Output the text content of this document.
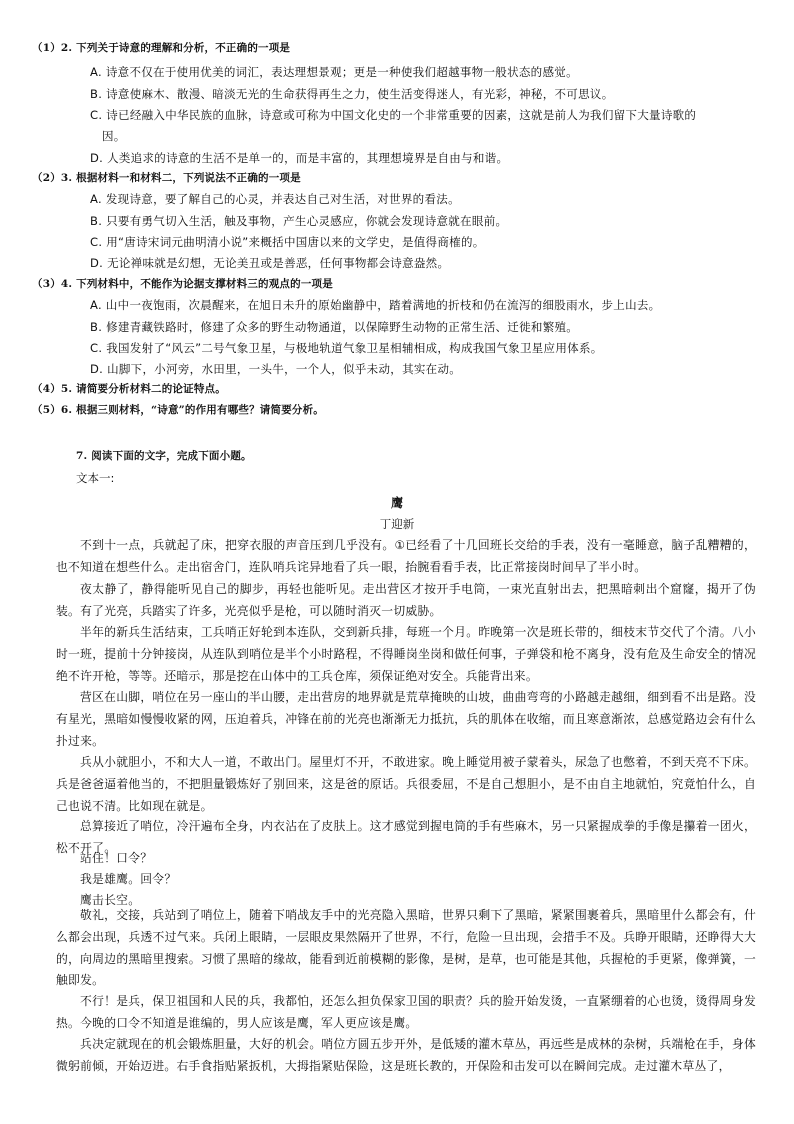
（1）2. 下列关于诗意的理解和分析，不正确的一项是
A. 诗意不仅在于使用优美的词汇，表达理想景观；更是一种使我们超越事物一般状态的感觉。
B. 诗意使麻木、散漫、暗淡无光的生命获得再生之力，使生活变得迷人，有光彩，神秘，不可思议。
C. 诗已经融入中华民族的血脉，诗意或可称为中国文化史的一个非常重要的因素，这就是前人为我们留下大量诗歌的
因。
D. 人类追求的诗意的生活不是单一的，而是丰富的，其理想境界是自由与和谐。
（2）3. 根据材料一和材料二，下列说法不正确的一项是
A. 发现诗意，要了解自己的心灵，并表达自己对生活，对世界的看法。
B. 只要有勇气切入生活，触及事物，产生心灵感应，你就会发现诗意就在眼前。
C. 用“唐诗宋词元曲明清小说”来概括中国唐以来的文学史，是值得商榷的。
D. 无论禅味就是幻想，无论美丑或是善恶，任何事物都会诗意盎然。
（3）4. 下列材料中，不能作为论据支撑材料三的观点的一项是
A. 山中一夜饱雨，次晨醒来，在旭日未升的原始幽静中，踏着满地的折枝和仍在流泻的细股雨水，步上山去。
B. 修建青藏铁路时，修建了众多的野生动物通道，以保障野生动物的正常生活、迁徙和繁殖。
C. 我国发射了“风云”二号气象卫星，与极地轨道气象卫星相辅相成，构成我国气象卫星应用体系。
D. 山脚下，小河旁，水田里，一头牛，一个人，似乎未动，其实在动。
（4）5. 请简要分析材料二的论证特点。
（5）6. 根据三则材料，“诗意”的作用有哪些？请简要分析。
7. 阅读下面的文字，完成下面小题。
文本一:
鹰
丁迎新
不到十一点，兵就起了床，把穿衣服的声音压到几乎没有。①已经看了十几回班长交给的手表，没有一毫睡意，脑子乱糟糟的，也不知道在想些什么。走出宿舍门，连队哨兵诧异地看了兵一眼，抬腕看看手表，比正常接岗时间早了半小时。
夜太静了，静得能听见自己的脚步，再轻也能听见。走出营区才按开手电筒，一束光直射出去，把黑暗刺出个窟窿，揭开了伪装。有了光亮，兵踏实了许多，光亮似乎是枪，可以随时消灭一切威胁。
半年的新兵生活结束，工兵哨正好轮到本连队，交到新兵排，每班一个月。昨晚第一次是班长带的，细枝末节交代了个清。八小时一班，提前十分钟接岗，从连队到哨位是半个小时路程，不得睡岗坐岗和做任何事，子弹袋和枪不离身，没有危及生命安全的情况绝不许开枪，等等。还暗示，那是挖在山体中的工兵仓库，须保证绝对安全。兵能背出来。
营区在山脚，哨位在另一座山的半山腰，走出营房的地界就是荒草掩映的山坡，曲曲弯弯的小路越走越细，细到看不出是路。没有星光，黑暗如慢慢收紧的网，压迫着兵，冲锋在前的光亮也渐渐无力抵抗，兵的肌体在收缩，而且寒意渐浓，总感觉路边会有什么扑过来。
兵从小就胆小，不和大人一道，不敢出门。屋里灯不开，不敢进家。晚上睡觉用被子蒙着头，尿急了也憋着，不到天亮不下床。兵是爸爸逼着他当的，不把胆量锻炼好了别回来，这是爸的原话。兵很委屈，不是自己想胆小，是不由自主地就怕，究竟怕什么，自己也说不清。比如现在就是。
总算接近了哨位，冷汗遍布全身，内衣沾在了皮肤上。这才感觉到握电筒的手有些麻木，另一只紧握成拳的手像是攥着一团火，松不开了。
站住！口令？
我是雄鹰。回令？
鹰击长空。
敬礼，交接，兵站到了哨位上，随着下哨战友手中的光亮隐入黑暗，世界只剩下了黑暗，紧紧围裹着兵，黑暗里什么都会有，什么都会出现，兵透不过气来。兵闭上眼睛，一层眼皮果然隔开了世界，不行，危险一旦出现，会措手不及。兵睁开眼睛，还睁得大大的，向周边的黑暗里搜索。习惯了黑暗的缘故，能看到近前模糊的影像，是树，是草，也可能是其他，兵握枪的手更紧，像弹簧，一触即发。
不行！是兵，保卫祖国和人民的兵，我都怕，还怎么担负保家卫国的职责？兵的脸开始发烫，一直紧绷着的心也烫，烫得周身发热。今晚的口令不知道是谁编的，男人应该是鹰，军人更应该是鹰。
兵决定就现在的机会锻炼胆量，大好的机会。哨位方圆五步开外，是低矮的灌木草丛，再远些是成林的杂树，兵端枪在手，身体微躬前倾，开始迈进。右手食指贴紧扳机，大拇指紧贴保险，这是班长教的，开保险和击发可以在瞬间完成。走过灌木草丛了，
